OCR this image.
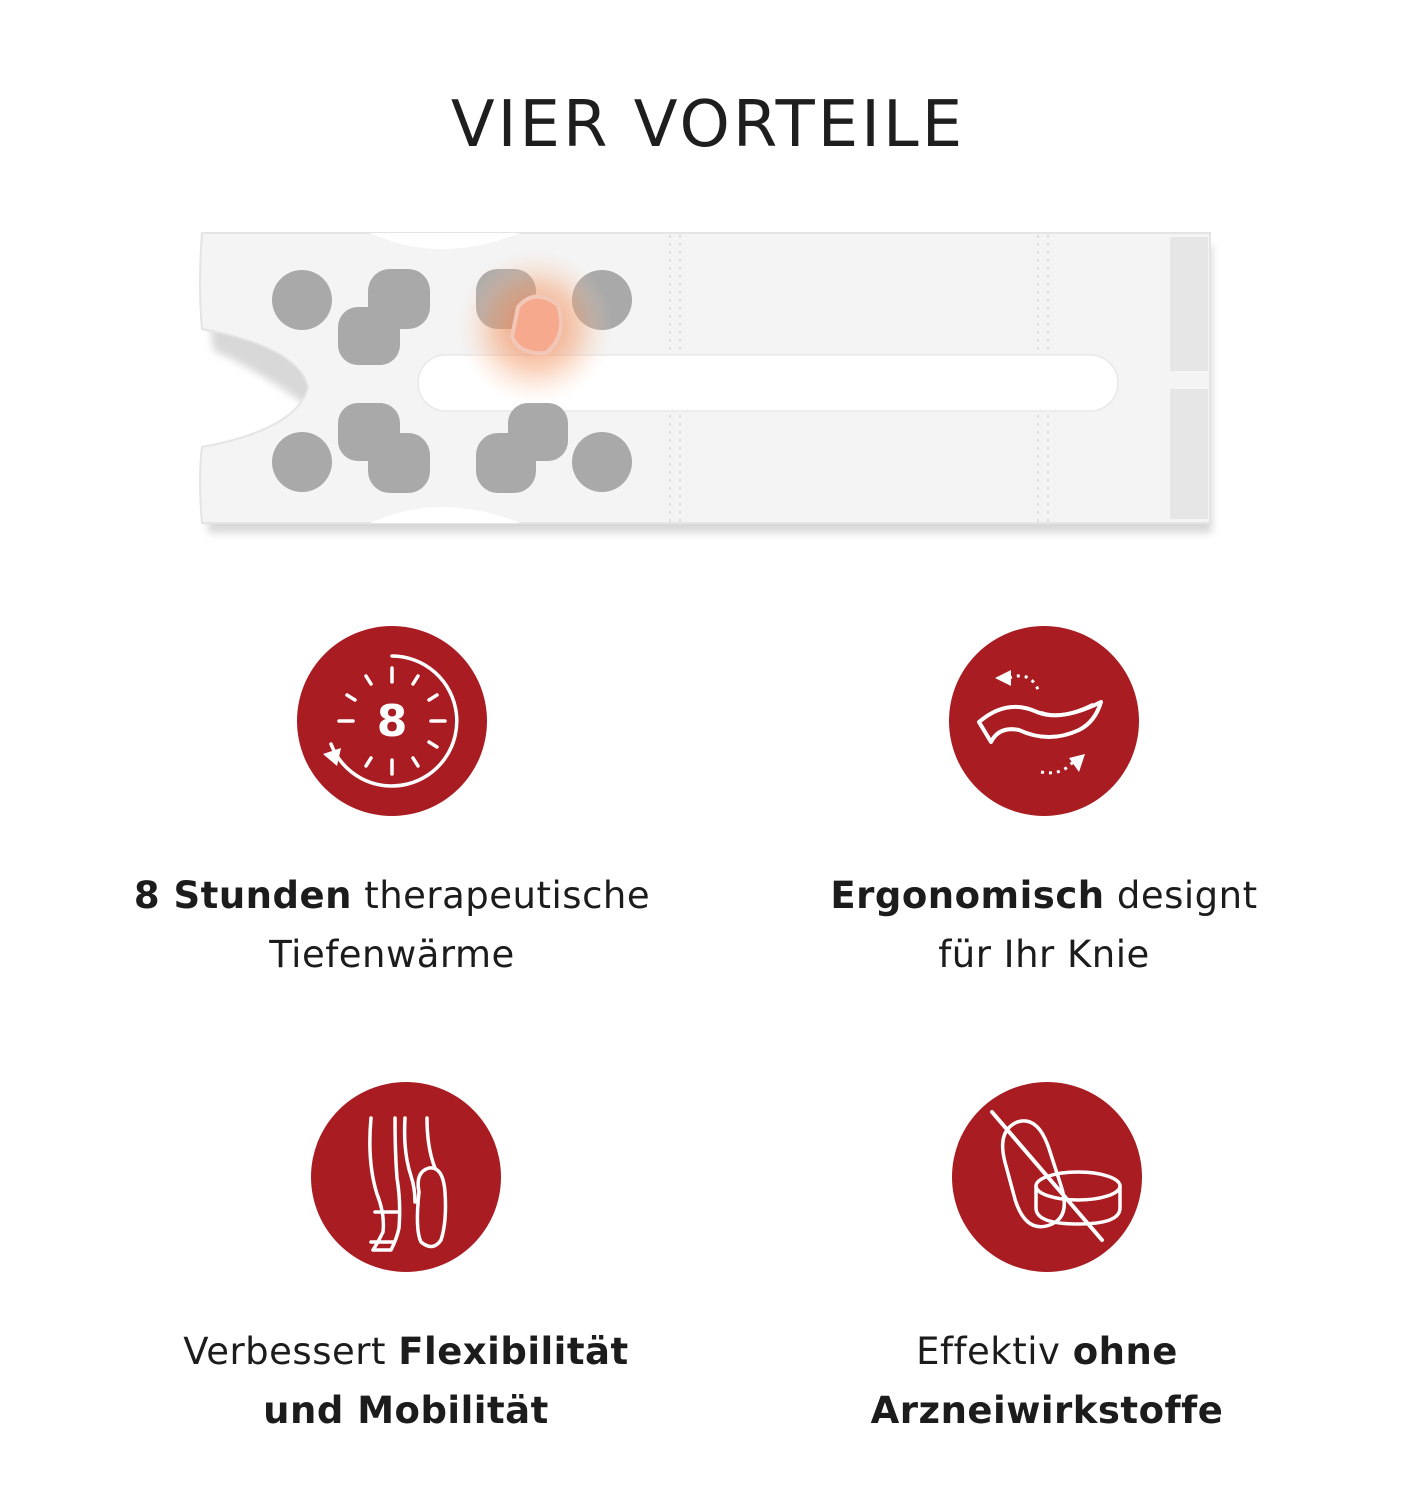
VIER VORTEILE
8
8 Stunden therapeutische
Tiefenwärme
Ergonomisch designt
für Ihr Knie
Verbessert Flexibilität
und Mobilität
Effektiv ohne
Arzneiwirkstoffe
